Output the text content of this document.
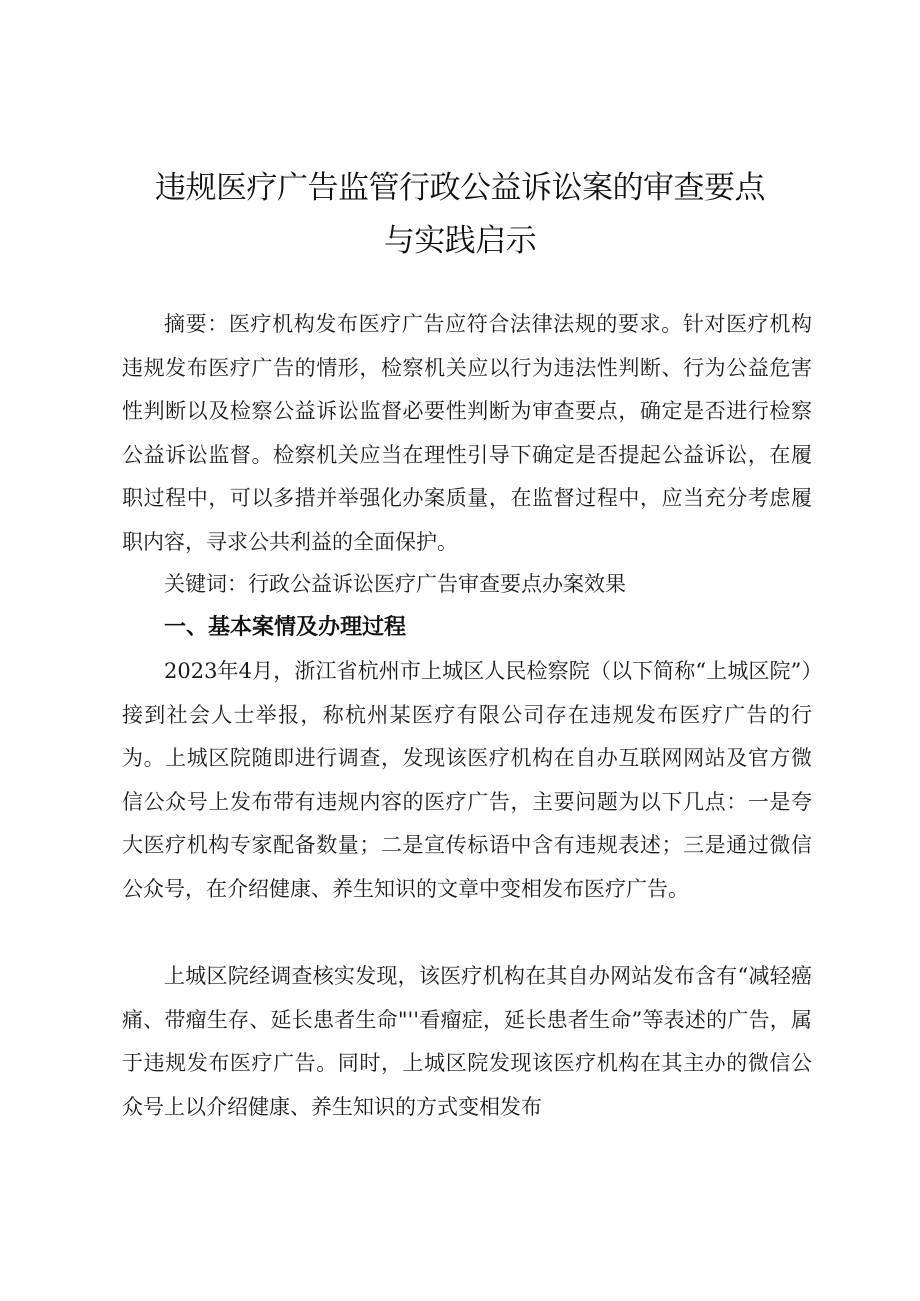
违规医疗广告监管行政公益诉讼案的审查要点
与实践启示

摘要：医疗机构发布医疗广告应符合法律法规的要求。针对医疗机构违规发布医疗广告的情形，检察机关应以行为违法性判断、行为公益危害性判断以及检察公益诉讼监督必要性判断为审查要点，确定是否进行检察公益诉讼监督。检察机关应当在理性引导下确定是否提起公益诉讼，在履职过程中，可以多措并举强化办案质量，在监督过程中，应当充分考虑履职内容，寻求公共利益的全面保护。

关键词：行政公益诉讼医疗广告审查要点办案效果

一、基本案情及办理过程

2023年4月，浙江省杭州市上城区人民检察院（以下简称“上城区院”）接到社会人士举报，称杭州某医疗有限公司存在违规发布医疗广告的行为。上城区院随即进行调查，发现该医疗机构在自办互联网网站及官方微信公众号上发布带有违规内容的医疗广告，主要问题为以下几点：一是夸大医疗机构专家配备数量；二是宣传标语中含有违规表述；三是通过微信公众号，在介绍健康、养生知识的文章中变相发布医疗广告。

上城区院经调查核实发现，该医疗机构在其自办网站发布含有“减轻癌痛、带瘤生存、延长患者生命"''看瘤症，延长患者生命”等表述的广告，属于违规发布医疗广告。同时，上城区院发现该医疗机构在其主办的微信公众号上以介绍健康、养生知识的方式变相发布
